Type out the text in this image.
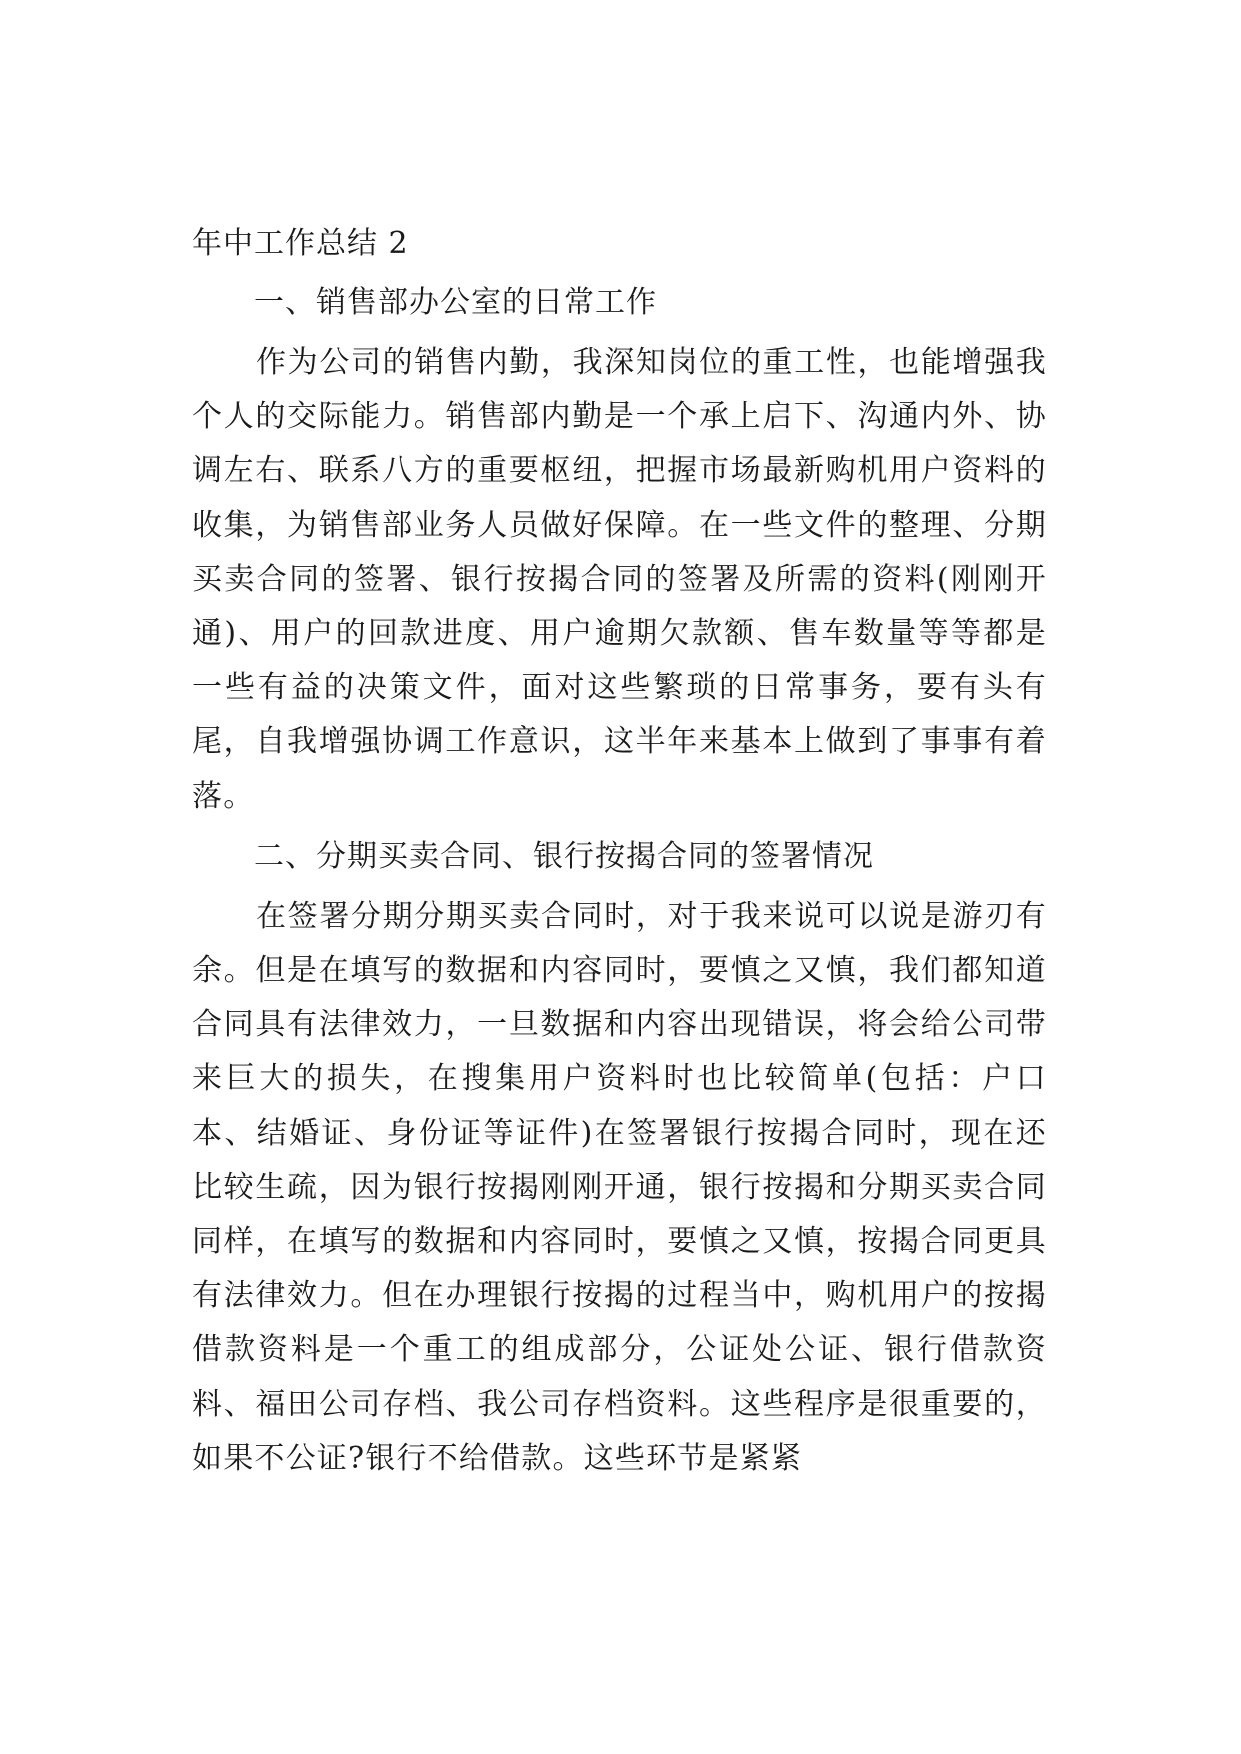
年中工作总结 2
一、销售部办公室的日常工作

作为公司的销售内勤，我深知岗位的重工性，也能增强我个人的交际能力。销售部内勤是一个承上启下、沟通内外、协调左右、联系八方的重要枢纽，把握市场最新购机用户资料的收集，为销售部业务人员做好保障。在一些文件的整理、分期买卖合同的签署、银行按揭合同的签署及所需的资料(刚刚开通)、用户的回款进度、用户逾期欠款额、售车数量等等都是一些有益的决策文件，面对这些繁琐的日常事务，要有头有尾，自我增强协调工作意识，这半年来基本上做到了事事有着落。

二、分期买卖合同、银行按揭合同的签署情况

在签署分期分期买卖合同时，对于我来说可以说是游刃有余。但是在填写的数据和内容同时，要慎之又慎，我们都知道合同具有法律效力，一旦数据和内容出现错误，将会给公司带来巨大的损失，在搜集用户资料时也比较简单(包括：户口本、结婚证、身份证等证件)在签署银行按揭合同时，现在还比较生疏，因为银行按揭刚刚开通，银行按揭和分期买卖合同同样，在填写的数据和内容同时，要慎之又慎，按揭合同更具有法律效力。但在办理银行按揭的过程当中，购机用户的按揭借款资料是一个重工的组成部分，公证处公证、银行借款资料、福田公司存档、我公司存档资料。这些程序是很重要的，如果不公证?银行不给借款。这些环节是紧紧
